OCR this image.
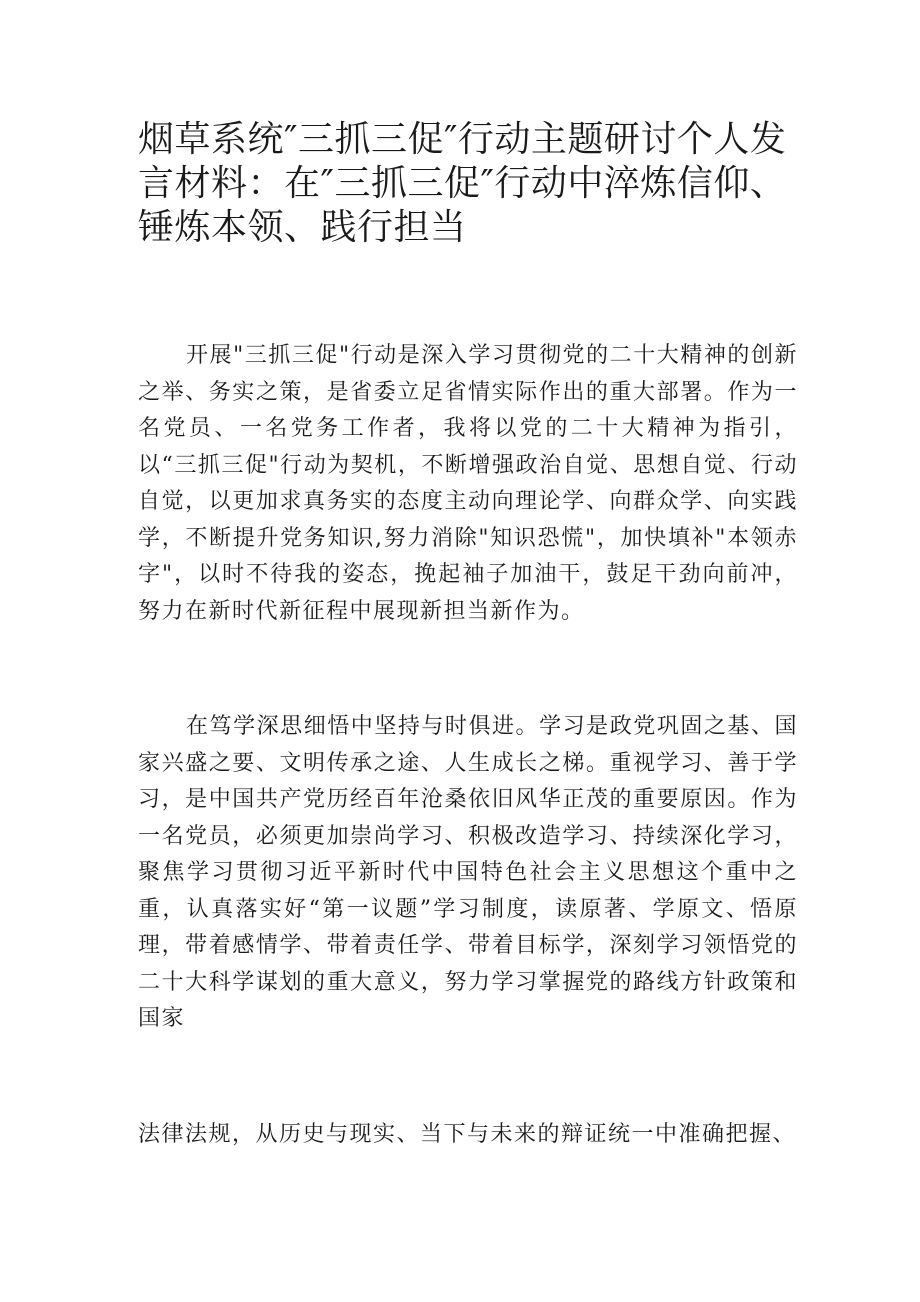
烟草系统″三抓三促″行动主题研讨个人发言材料：在″三抓三促″行动中淬炼信仰、锤炼本领、践行担当

开展"三抓三促"行动是深入学习贯彻党的二十大精神的创新之举、务实之策，是省委立足省情实际作出的重大部署。作为一名党员、一名党务工作者，我将以党的二十大精神为指引，以“三抓三促"行动为契机，不断增强政治自觉、思想自觉、行动自觉，以更加求真务实的态度主动向理论学、向群众学、向实践学，不断提升党务知识,努力消除"知识恐慌"，加快填补"本领赤字"，以时不待我的姿态，挽起袖子加油干，鼓足干劲向前冲，努力在新时代新征程中展现新担当新作为。

在笃学深思细悟中坚持与时俱进。学习是政党巩固之基、国家兴盛之要、文明传承之途、人生成长之梯。重视学习、善于学习，是中国共产党历经百年沧桑依旧风华正茂的重要原因。作为一名党员，必须更加崇尚学习、积极改造学习、持续深化学习，聚焦学习贯彻习近平新时代中国特色社会主义思想这个重中之重，认真落实好“第一议题”学习制度，读原著、学原文、悟原理，带着感情学、带着责任学、带着目标学，深刻学习领悟党的二十大科学谋划的重大意义，努力学习掌握党的路线方针政策和国家

法律法规，从历史与现实、当下与未来的辩证统一中准确把握、
